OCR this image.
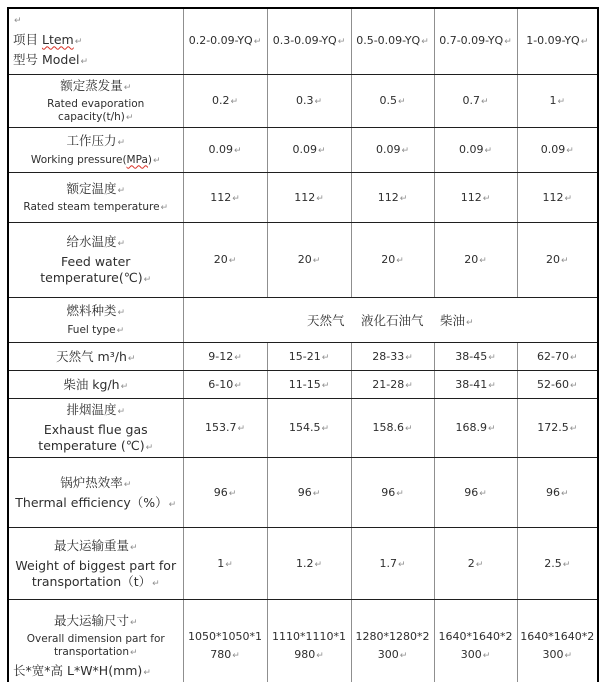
↵
项目 Ltem↵
型号 Model↵	0.2-0.09-YQ↵	0.3-0.09-YQ↵	0.5-0.09-YQ↵	0.7-0.09-YQ↵	1-0.09-YQ↵

额定蒸发量↵
Rated evaporation capacity(t/h)↵	0.2↵	0.3↵	0.5↵	0.7↵	1↵

工作压力↵
Working pressure(MPa)↵	0.09↵	0.09↵	0.09↵	0.09↵	0.09↵

额定温度↵
Rated steam temperature↵	112↵	112↵	112↵	112↵	112↵

给水温度↵
Feed water temperature(℃)↵	20↵	20↵	20↵	20↵	20↵

燃料种类↵
Fuel type↵	天然气　 液化石油气　 柴油↵				

天然气 m³/h↵	9-12↵	15-21↵	28-33↵	38-45↵	62-70↵

柴油 kg/h↵	6-10↵	11-15↵	21-28↵	38-41↵	52-60↵

排烟温度↵
Exhaust flue gas temperature (℃)↵	153.7↵	154.5↵	158.6↵	168.9↵	172.5↵

锅炉热效率↵
Thermal efficiency（%）↵	96↵	96↵	96↵	96↵	96↵

最大运输重量↵
Weight of biggest part for transportation（t）↵	1↵	1.2↵	1.7↵	2↵	2.5↵

最大运输尺寸↵
Overall dimension part for transportation↵
长*宽*高 L*W*H(mm)↵	1050*1050*1780↵	1110*1110*1980↵	1280*1280*2300↵	1640*1640*2300↵	1640*1640*2300↵
